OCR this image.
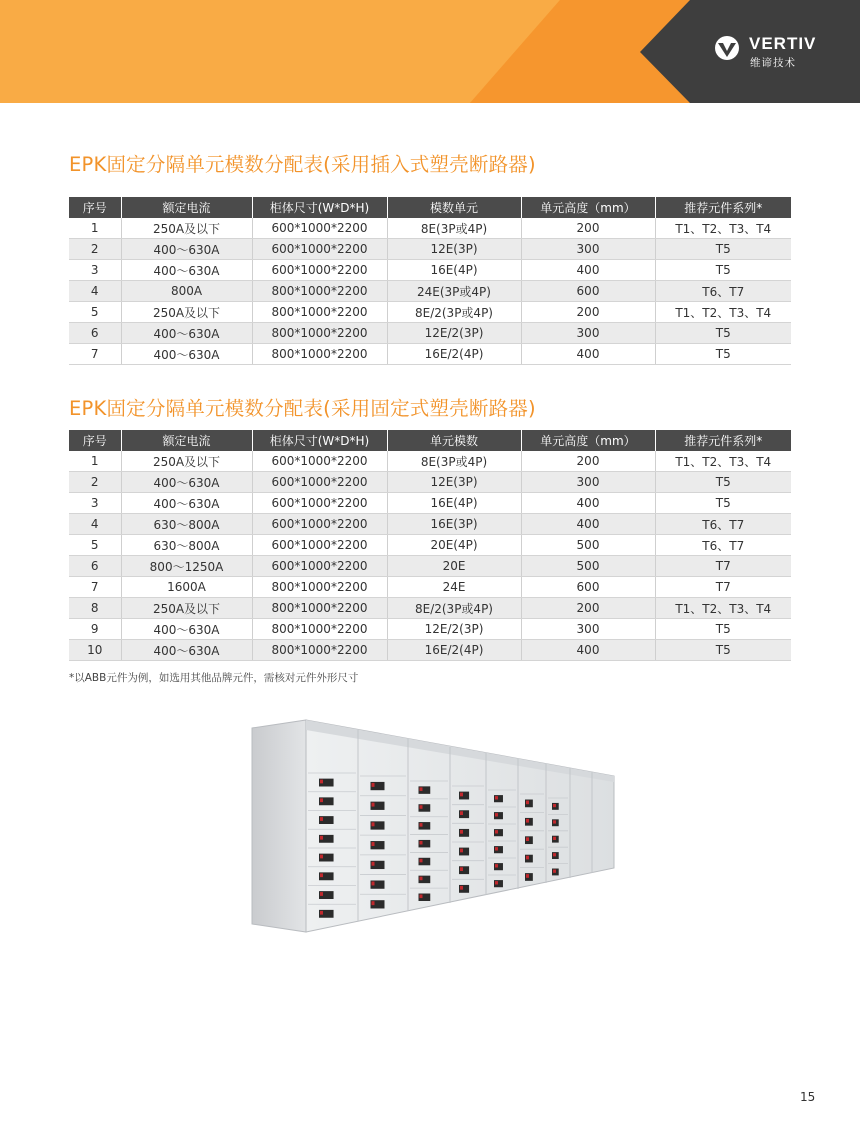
VERTIV
维谛技术
EPK固定分隔单元模数分配表(采用插入式塑壳断路器)
序号	额定电流	柜体尺寸(W*D*H)	模数单元	单元高度（mm）	推荐元件系列*
1	250A及以下	600*1000*2200	8E(3P或4P)	200	T1、T2、T3、T4
2	400～630A	600*1000*2200	12E(3P)	300	T5
3	400～630A	600*1000*2200	16E(4P)	400	T5
4	800A	800*1000*2200	24E(3P或4P)	600	T6、T7
5	250A及以下	800*1000*2200	8E/2(3P或4P)	200	T1、T2、T3、T4
6	400～630A	800*1000*2200	12E/2(3P)	300	T5
7	400～630A	800*1000*2200	16E/2(4P)	400	T5
EPK固定分隔单元模数分配表(采用固定式塑壳断路器)
序号	额定电流	柜体尺寸(W*D*H)	单元模数	单元高度（mm）	推荐元件系列*
1	250A及以下	600*1000*2200	8E(3P或4P)	200	T1、T2、T3、T4
2	400～630A	600*1000*2200	12E(3P)	300	T5
3	400～630A	600*1000*2200	16E(4P)	400	T5
4	630～800A	600*1000*2200	16E(3P)	400	T6、T7
5	630～800A	600*1000*2200	20E(4P)	500	T6、T7
6	800～1250A	600*1000*2200	20E	500	T7
7	1600A	800*1000*2200	24E	600	T7
8	250A及以下	800*1000*2200	8E/2(3P或4P)	200	T1、T2、T3、T4
9	400～630A	800*1000*2200	12E/2(3P)	300	T5
10	400～630A	800*1000*2200	16E/2(4P)	400	T5
*以ABB元件为例，如选用其他品牌元件，需核对元件外形尺寸
15
